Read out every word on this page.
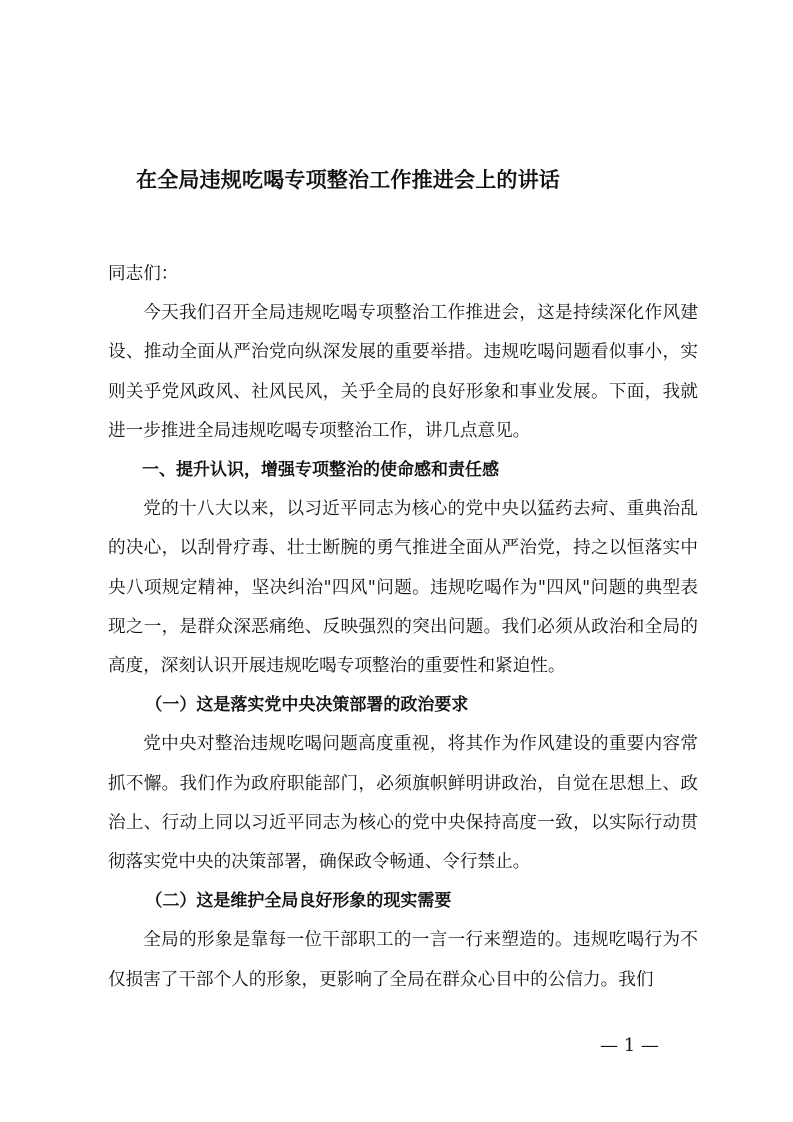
在全局违规吃喝专项整治工作推进会上的讲话

同志们：

今天我们召开全局违规吃喝专项整治工作推进会，这是持续深化作风建设、推动全面从严治党向纵深发展的重要举措。违规吃喝问题看似事小，实则关乎党风政风、社风民风，关乎全局的良好形象和事业发展。下面，我就进一步推进全局违规吃喝专项整治工作，讲几点意见。

一、提升认识，增强专项整治的使命感和责任感

党的十八大以来，以习近平同志为核心的党中央以猛药去疴、重典治乱的决心，以刮骨疗毒、壮士断腕的勇气推进全面从严治党，持之以恒落实中央八项规定精神，坚决纠治"四风"问题。违规吃喝作为"四风"问题的典型表现之一，是群众深恶痛绝、反映强烈的突出问题。我们必须从政治和全局的高度，深刻认识开展违规吃喝专项整治的重要性和紧迫性。

（一）这是落实党中央决策部署的政治要求

党中央对整治违规吃喝问题高度重视，将其作为作风建设的重要内容常抓不懈。我们作为政府职能部门，必须旗帜鲜明讲政治，自觉在思想上、政治上、行动上同以习近平同志为核心的党中央保持高度一致，以实际行动贯彻落实党中央的决策部署，确保政令畅通、令行禁止。

（二）这是维护全局良好形象的现实需要

全局的形象是靠每一位干部职工的一言一行来塑造的。违规吃喝行为不仅损害了干部个人的形象，更影响了全局在群众心目中的公信力。我们

— 1 —
